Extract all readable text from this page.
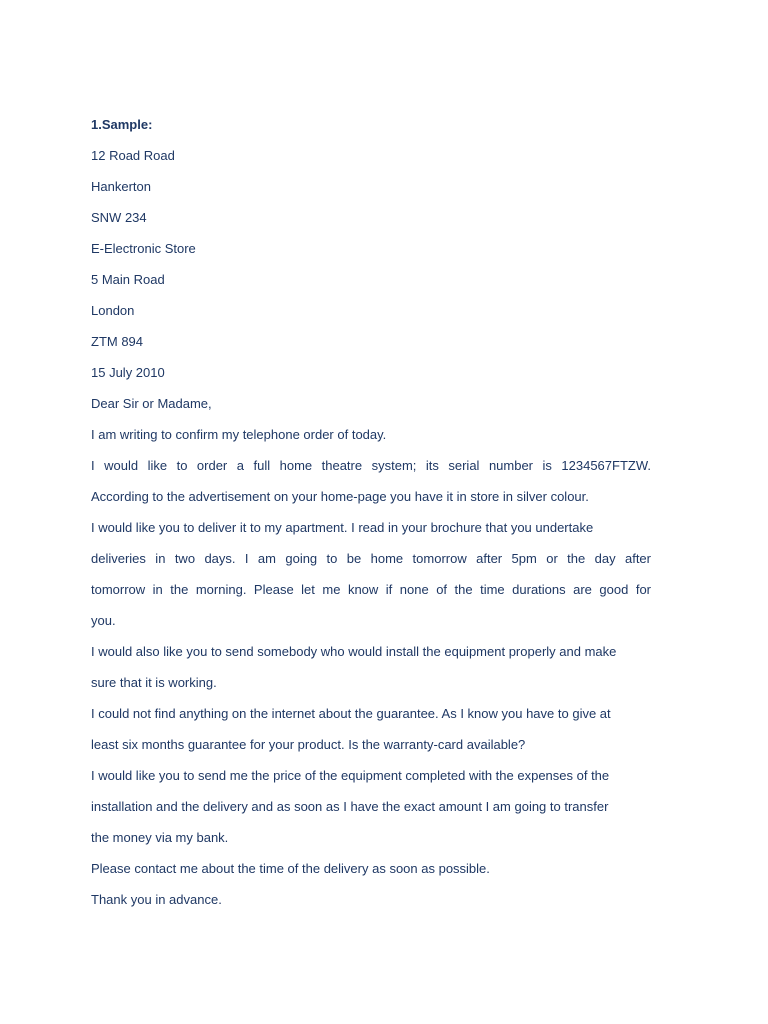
1.Sample:
12 Road Road
Hankerton
SNW 234
E-Electronic Store
5 Main Road
London
ZTM 894
15 July 2010
Dear Sir or Madame,
I am writing to confirm my telephone order of today.
I would like to order a full home theatre system; its serial number is 1234567FTZW.
According to the advertisement on your home-page you have it in store in silver colour.
I would like you to deliver it to my apartment. I read in your brochure that you undertake
deliveries in two days. I am going to be home tomorrow after 5pm or the day after
tomorrow in the morning. Please let me know if none of the time durations are good for
you.
I would also like you to send somebody who would install the equipment properly and make
sure that it is working.
I could not find anything on the internet about the guarantee. As I know you have to give at
least six months guarantee for your product. Is the warranty-card available?
I would like you to send me the price of the equipment completed with the expenses of the
installation and the delivery and as soon as I have the exact amount I am going to transfer
the money via my bank.
Please contact me about the time of the delivery as soon as possible.
Thank you in advance.
